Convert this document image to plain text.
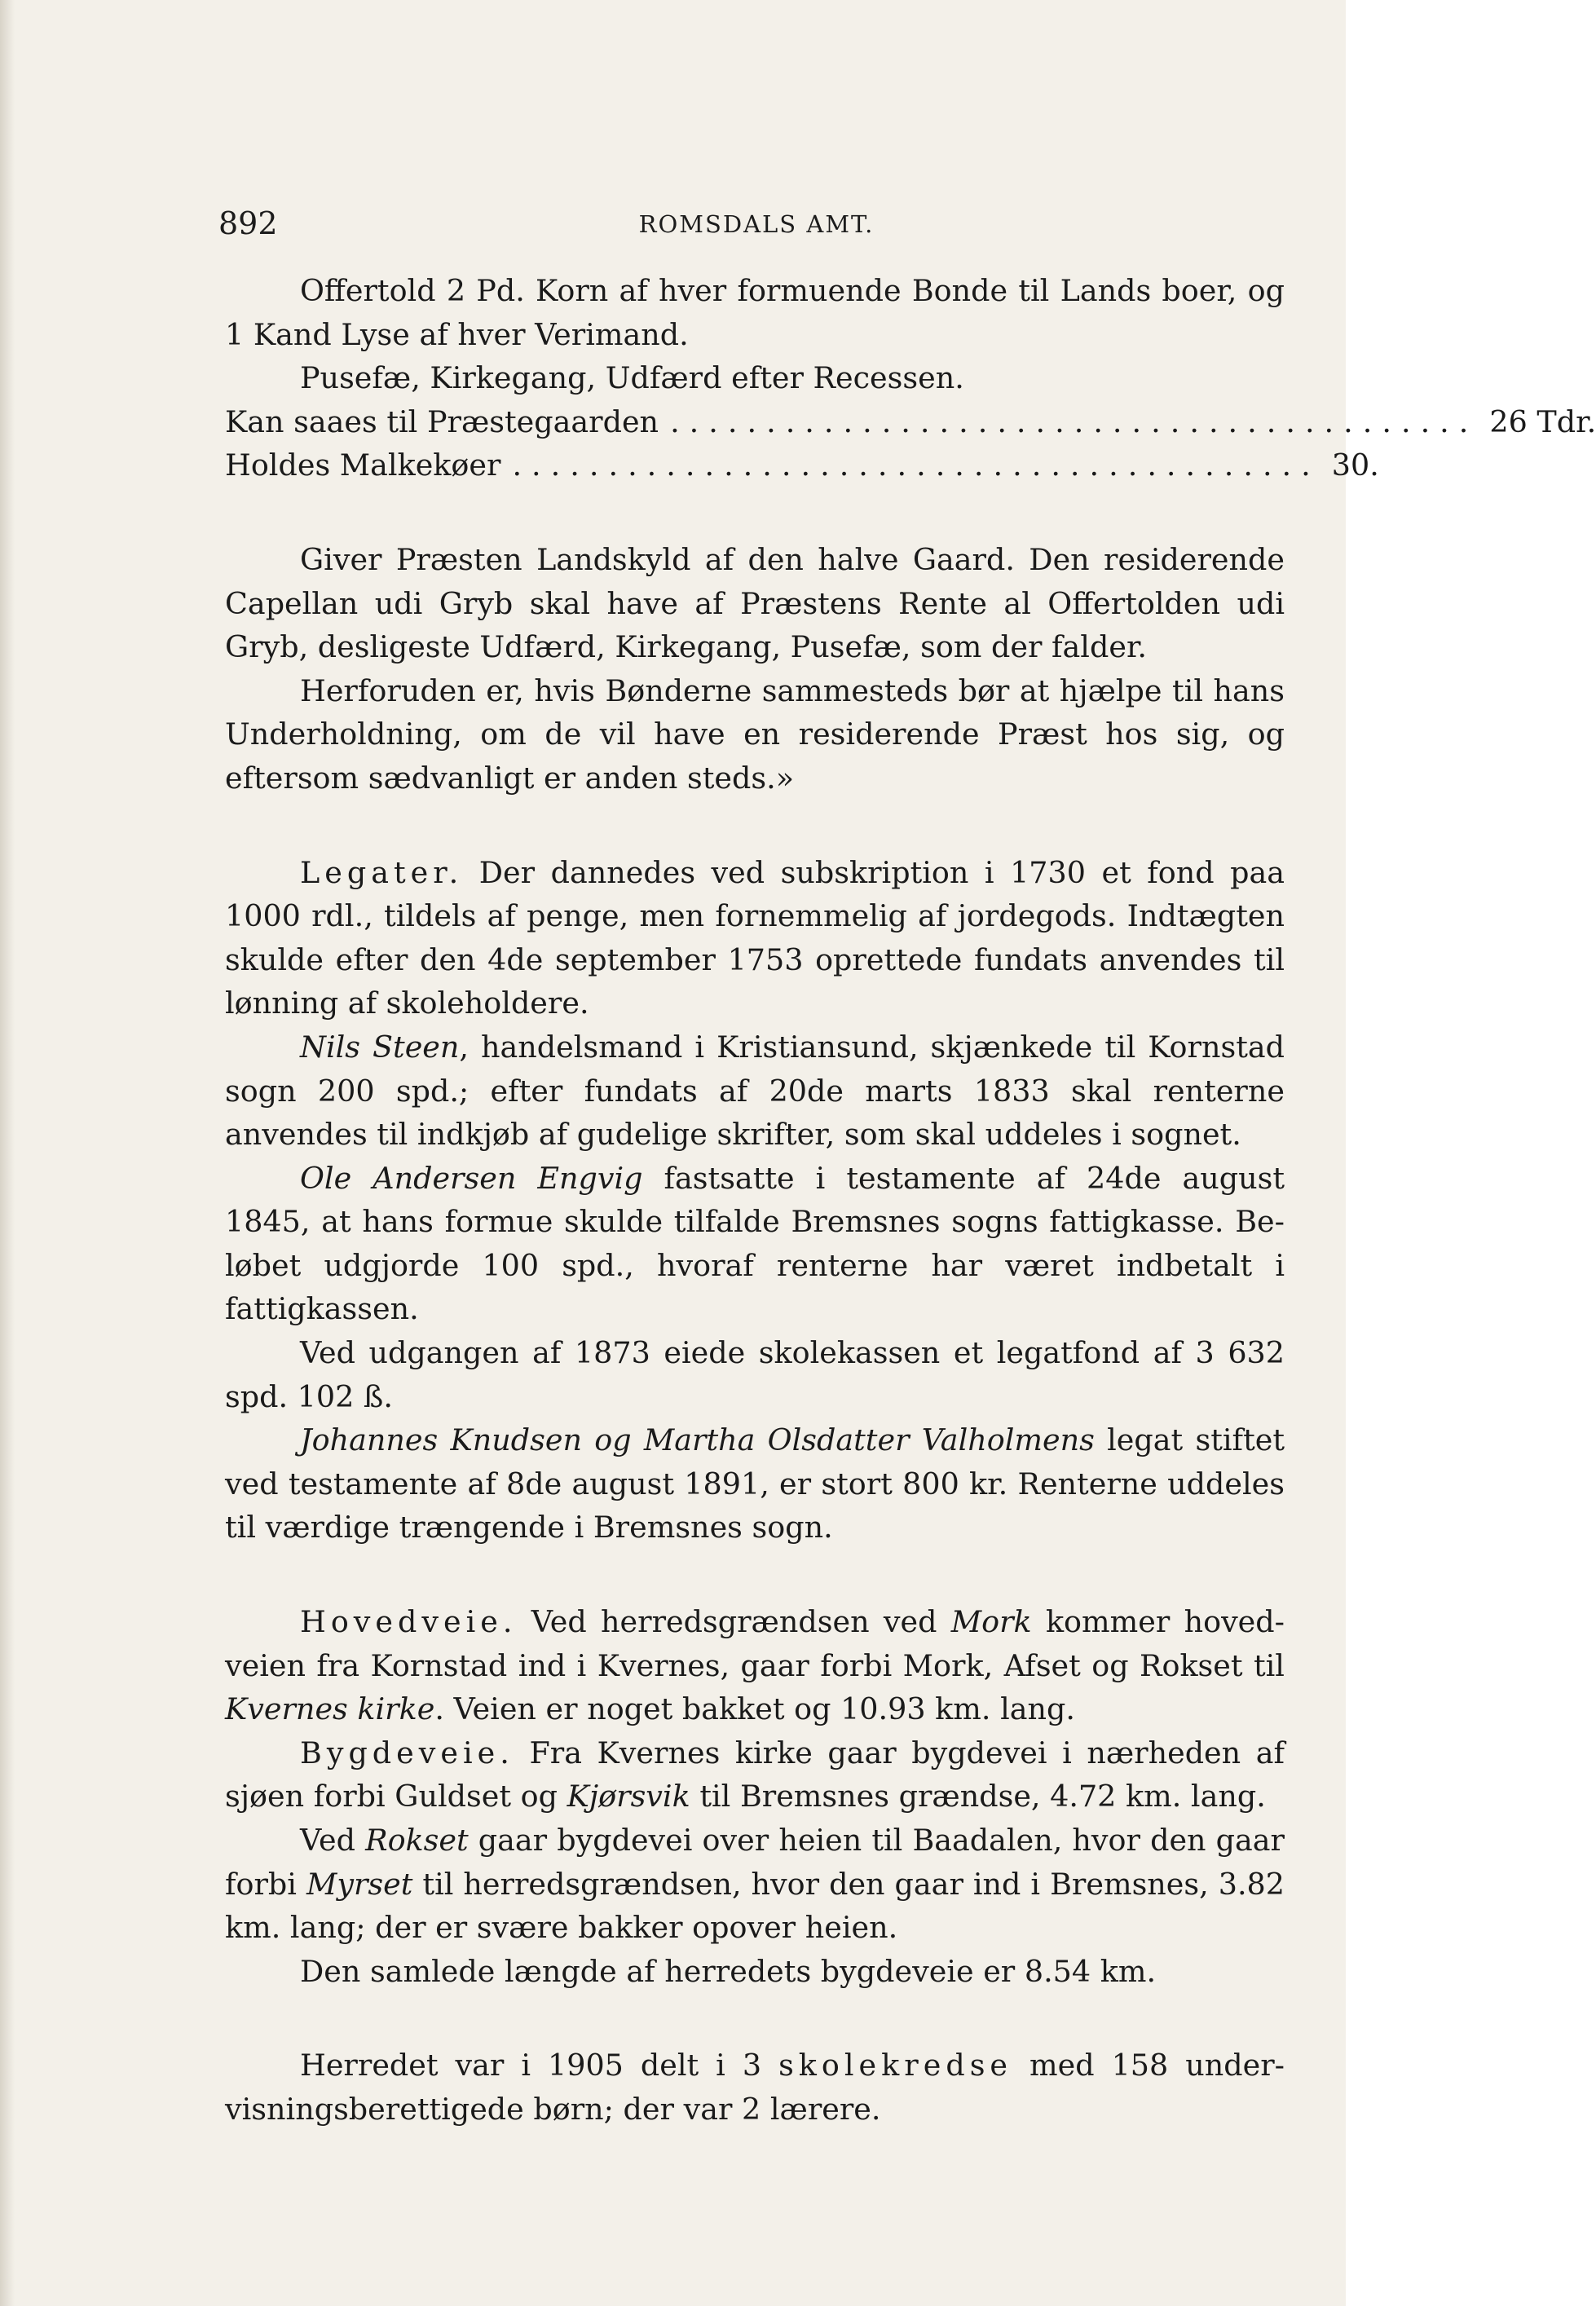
892	ROMSDALS AMT.

Offertold 2 Pd. Korn af hver formuende Bonde til Lands boer, og 1 Kand Lyse af hver Verimand.

Pusefæ, Kirkegang, Udfærd efter Recessen.

Kan saaes til Præstegaarden .......................................... 26 Tdr.
Holdes Malkekøer .......................................... 30.

Giver Præsten Landskyld af den halve Gaard. Den residerende Capellan udi Gryb skal have af Præstens Rente al Offertolden udi Gryb, desligeste Udfærd, Kirkegang, Pusefæ, som der falder.

Herforuden er, hvis Bønderne sammesteds bør at hjælpe til hans Underholdning, om de vil have en residerende Præst hos sig, og eftersom sædvanligt er anden steds.»

Legater. Der dannedes ved subskription i 1730 et fond paa 1000 rdl., tildels af penge, men fornemmelig af jordegods. Indtægten skulde efter den 4de september 1753 oprettede fundats anvendes til lønning af skoleholdere.

Nils Steen, handelsmand i Kristiansund, skjænkede til Kornstad sogn 200 spd.; efter fundats af 20de marts 1833 skal renterne anvendes til indkjøb af gudelige skrifter, som skal uddeles i sognet.

Ole Andersen Engvig fastsatte i testamente af 24de august 1845, at hans formue skulde tilfalde Bremsnes sogns fattigkasse. Beløbet udgjorde 100 spd., hvoraf renterne har været indbetalt i fattigkassen.

Ved udgangen af 1873 eiede skolekassen et legatfond af 3 632 spd. 102 ß.

Johannes Knudsen og Martha Olsdatter Valholmens legat stiftet ved testamente af 8de august 1891, er stort 800 kr. Renterne uddeles til værdige trængende i Bremsnes sogn.

Hovedveie. Ved herredsgrændsen ved Mork kommer hovedveien fra Kornstad ind i Kvernes, gaar forbi Mork, Afset og Rokset til Kvernes kirke. Veien er noget bakket og 10.93 km. lang.

Bygdeveie. Fra Kvernes kirke gaar bygdevei i nærheden af sjøen forbi Guldset og Kjørsvik til Bremsnes grændse, 4.72 km. lang.

Ved Rokset gaar bygdevei over heien til Baadalen, hvor den gaar forbi Myrset til herredsgrændsen, hvor den gaar ind i Bremsnes, 3.82 km. lang; der er svære bakker opover heien.

Den samlede længde af herredets bygdeveie er 8.54 km.

Herredet var i 1905 delt i 3 skolekredse med 158 undervisningsberettigede børn; der var 2 lærere.
